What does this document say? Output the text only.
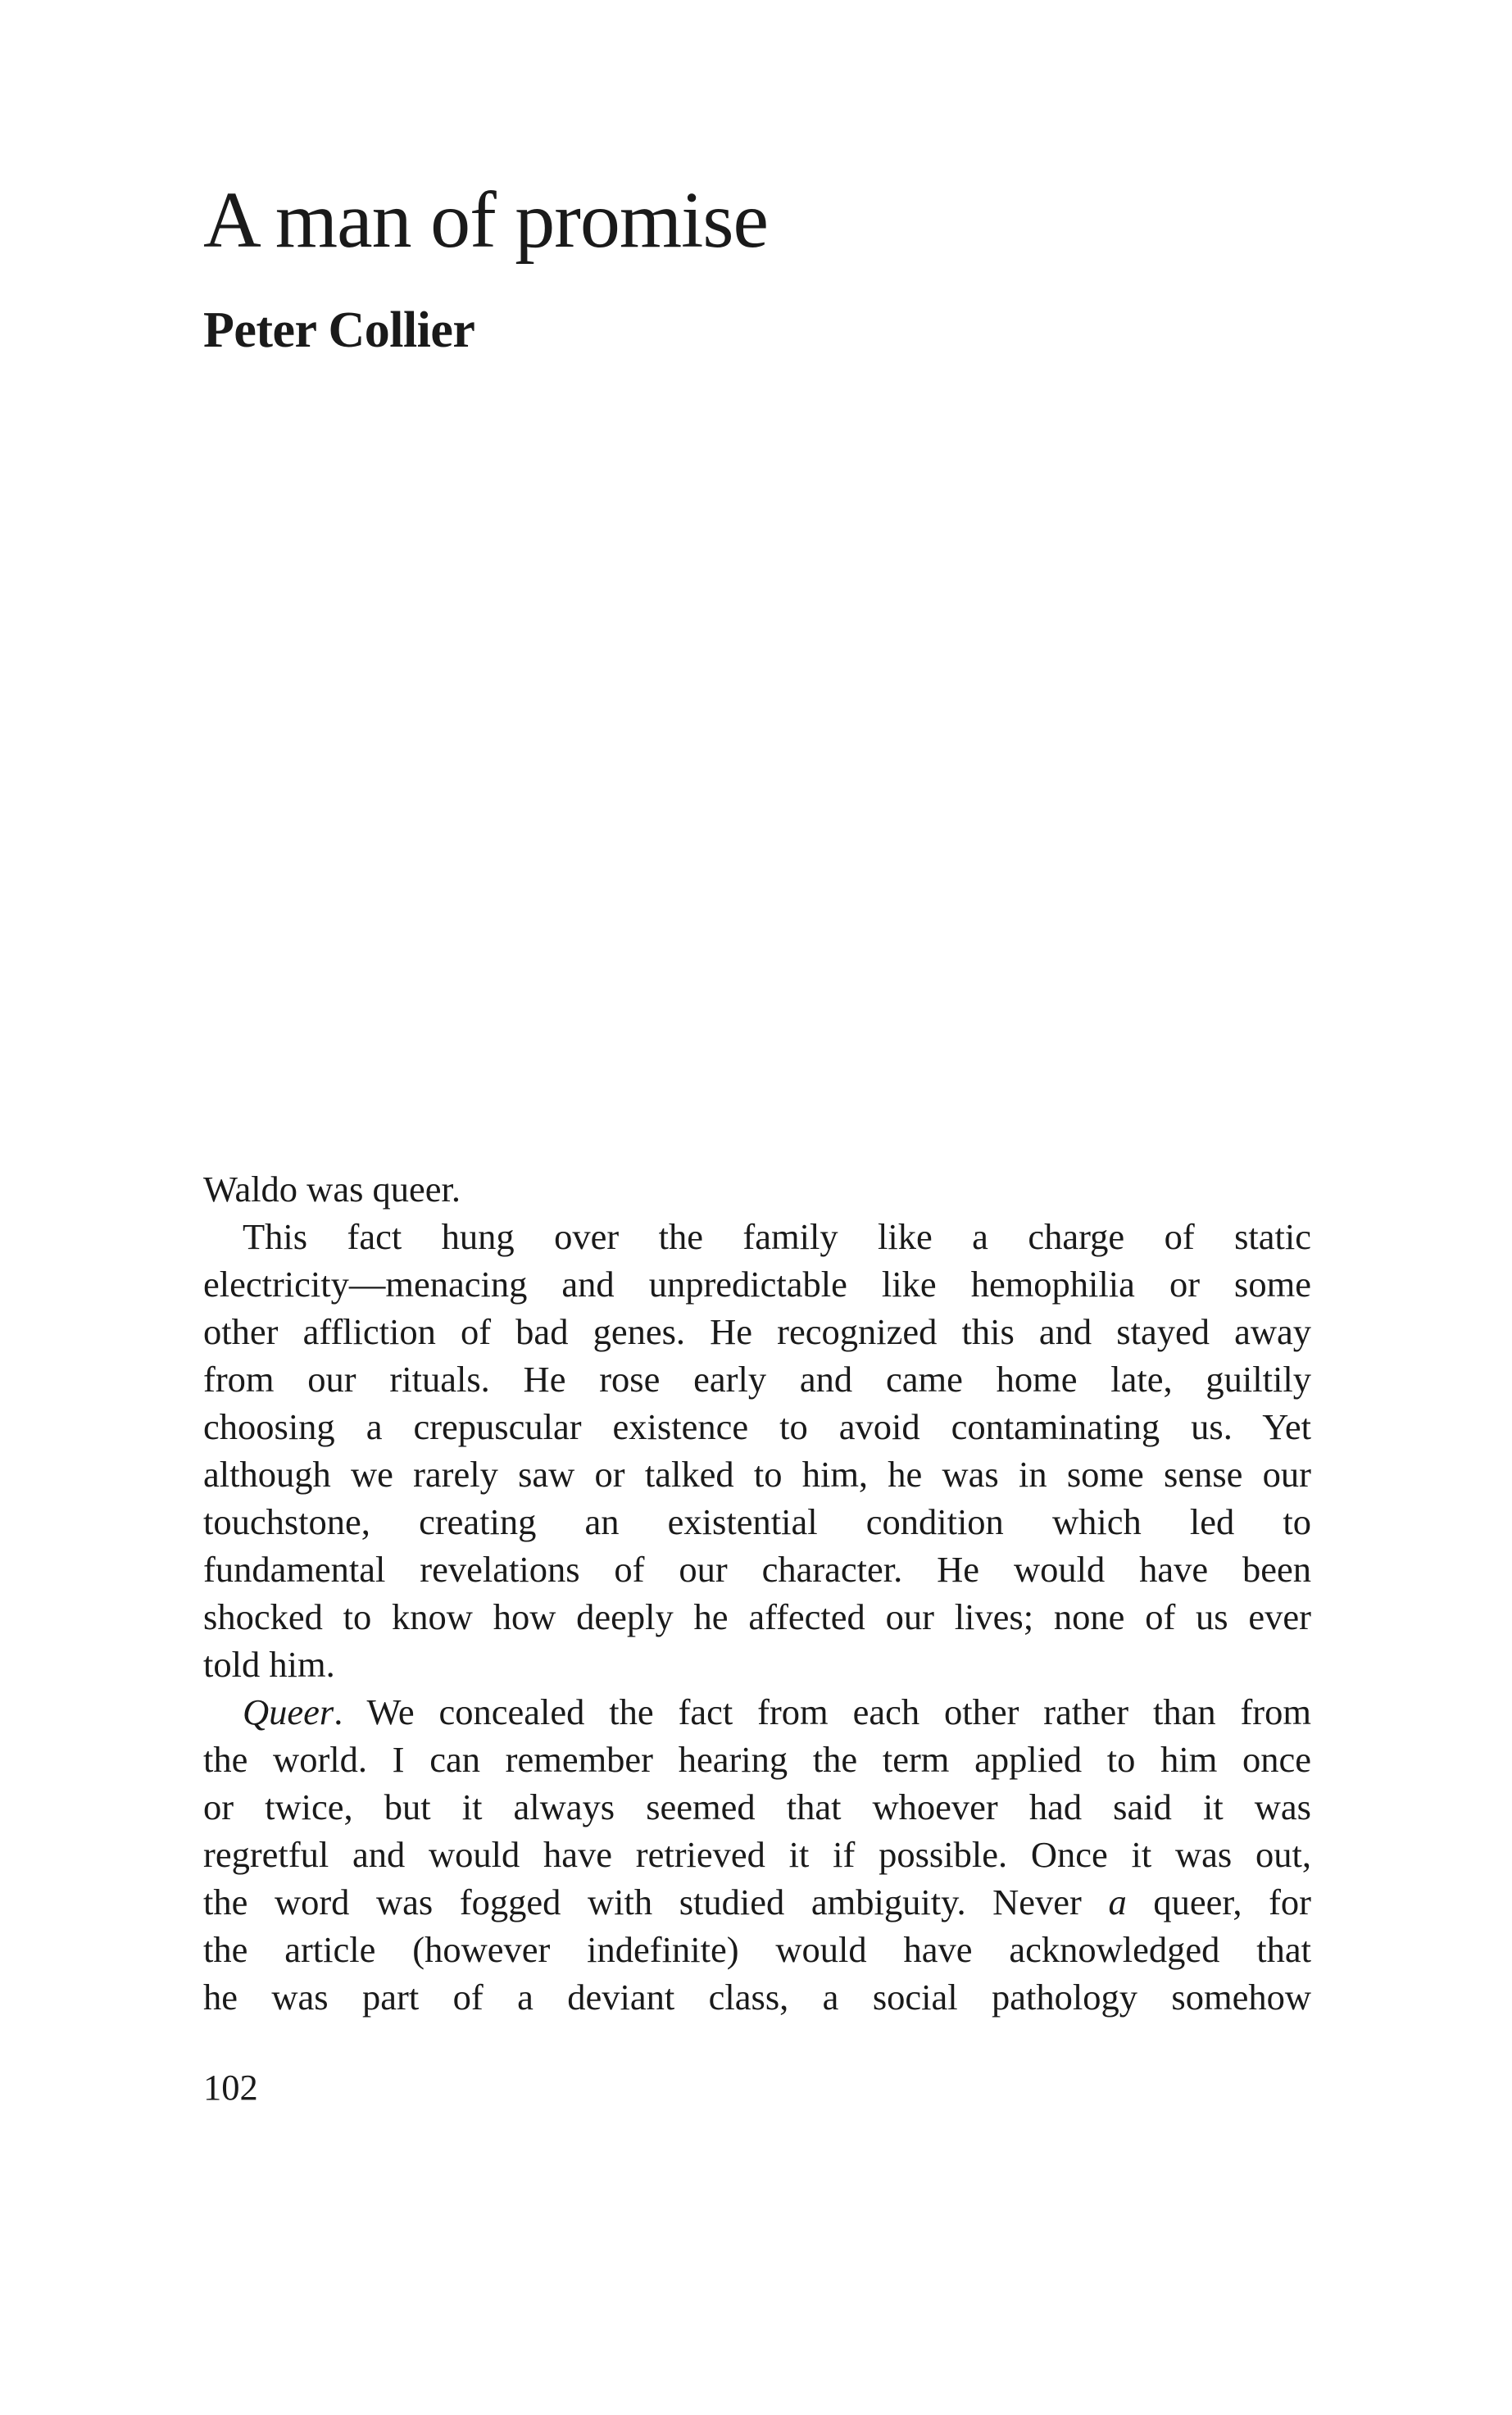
A man of promise
Peter Collier
Waldo was queer.
This fact hung over the family like a charge of static
electricity—menacing and unpredictable like hemophilia or some
other affliction of bad genes. He recognized this and stayed away
from our rituals. He rose early and came home late, guiltily
choosing a crepuscular existence to avoid contaminating us. Yet
although we rarely saw or talked to him, he was in some sense our
touchstone, creating an existential condition which led to
fundamental revelations of our character. He would have been
shocked to know how deeply he affected our lives; none of us ever
told him.
Queer. We concealed the fact from each other rather than from
the world. I can remember hearing the term applied to him once
or twice, but it always seemed that whoever had said it was
regretful and would have retrieved it if possible. Once it was out,
the word was fogged with studied ambiguity. Never a queer, for
the article (however indefinite) would have acknowledged that
he was part of a deviant class, a social pathology somehow
102
